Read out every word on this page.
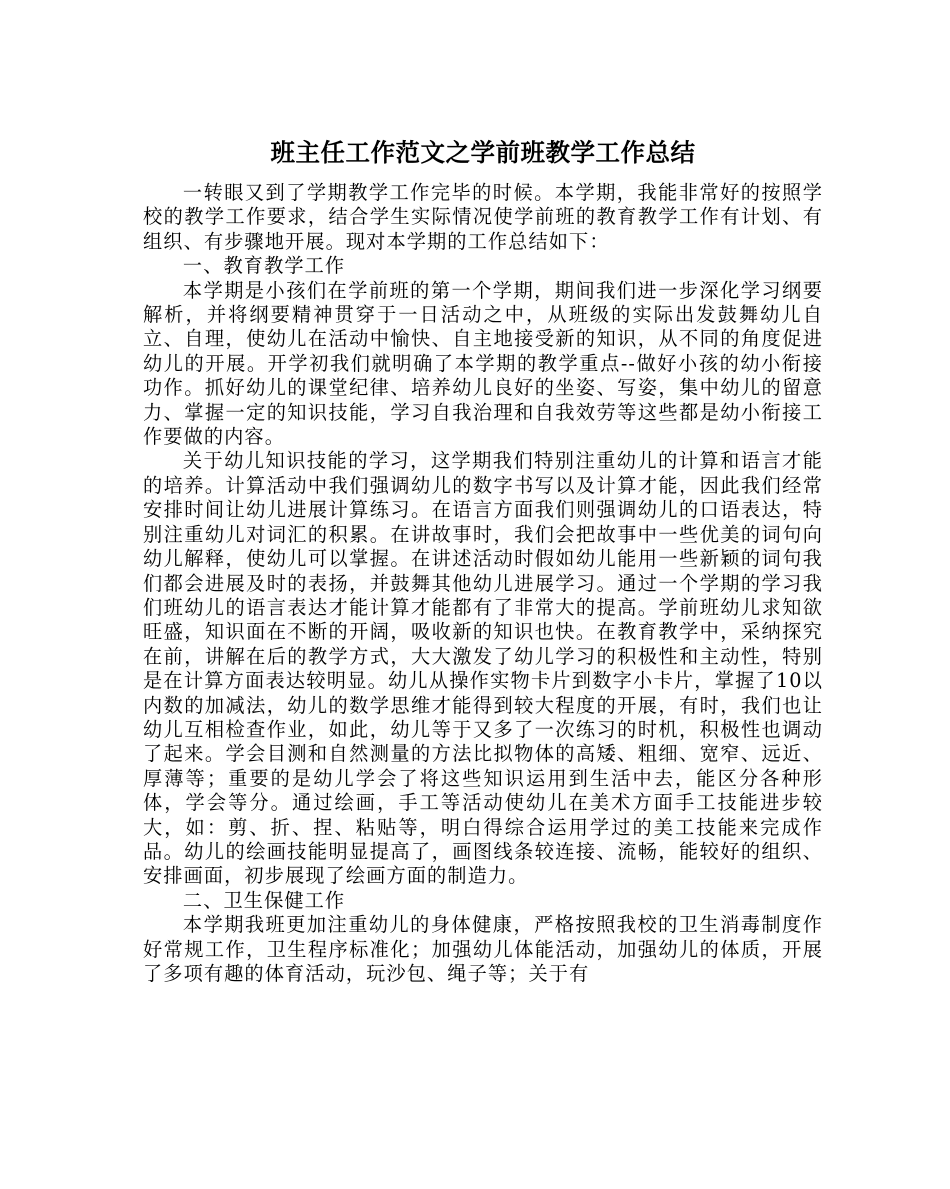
班主任工作范文之学前班教学工作总结

一转眼又到了学期教学工作完毕的时候。本学期，我能非常好的按照学校的教学工作要求，结合学生实际情况使学前班的教育教学工作有计划、有组织、有步骤地开展。现对本学期的工作总结如下：

一、教育教学工作

本学期是小孩们在学前班的第一个学期，期间我们进一步深化学习纲要解析，并将纲要精神贯穿于一日活动之中，从班级的实际出发鼓舞幼儿自立、自理，使幼儿在活动中愉快、自主地接受新的知识，从不同的角度促进幼儿的开展。开学初我们就明确了本学期的教学重点--做好小孩的幼小衔接功作。抓好幼儿的课堂纪律、培养幼儿良好的坐姿、写姿，集中幼儿的留意力、掌握一定的知识技能，学习自我治理和自我效劳等这些都是幼小衔接工作要做的内容。

关于幼儿知识技能的学习，这学期我们特别注重幼儿的计算和语言才能的培养。计算活动中我们强调幼儿的数字书写以及计算才能，因此我们经常安排时间让幼儿进展计算练习。在语言方面我们则强调幼儿的口语表达，特别注重幼儿对词汇的积累。在讲故事时，我们会把故事中一些优美的词句向幼儿解释，使幼儿可以掌握。在讲述活动时假如幼儿能用一些新颖的词句我们都会进展及时的表扬，并鼓舞其他幼儿进展学习。通过一个学期的学习我们班幼儿的语言表达才能计算才能都有了非常大的提高。学前班幼儿求知欲旺盛，知识面在不断的开阔，吸收新的知识也快。在教育教学中，采纳探究在前，讲解在后的教学方式，大大激发了幼儿学习的积极性和主动性，特别是在计算方面表达较明显。幼儿从操作实物卡片到数字小卡片，掌握了10以内数的加减法，幼儿的数学思维才能得到较大程度的开展，有时，我们也让幼儿互相检查作业，如此，幼儿等于又多了一次练习的时机，积极性也调动了起来。学会目测和自然测量的方法比拟物体的高矮、粗细、宽窄、远近、厚薄等；重要的是幼儿学会了将这些知识运用到生活中去，能区分各种形体，学会等分。通过绘画，手工等活动使幼儿在美术方面手工技能进步较大，如：剪、折、捏、粘贴等，明白得综合运用学过的美工技能来完成作品。幼儿的绘画技能明显提高了，画图线条较连接、流畅，能较好的组织、安排画面，初步展现了绘画方面的制造力。

二、卫生保健工作

本学期我班更加注重幼儿的身体健康，严格按照我校的卫生消毒制度作好常规工作，卫生程序标准化；加强幼儿体能活动，加强幼儿的体质，开展了多项有趣的体育活动，玩沙包、绳子等；关于有
